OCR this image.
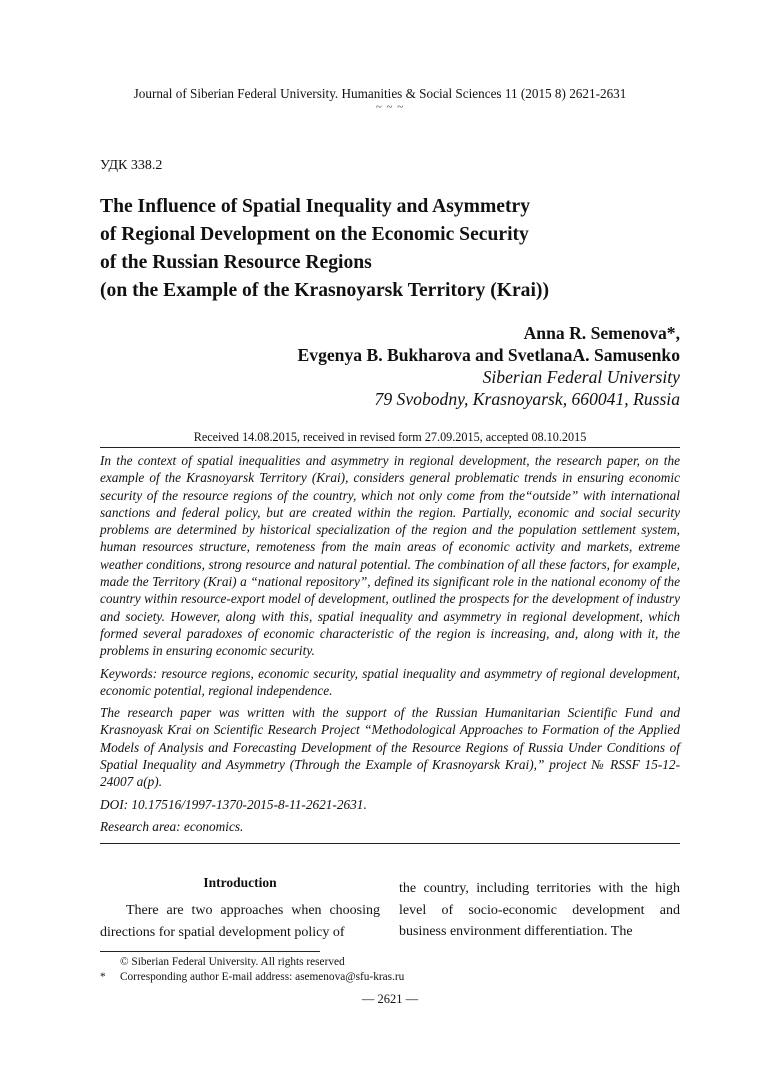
Journal of Siberian Federal University. Humanities & Social Sciences 11 (2015 8) 2621-2631
~ ~ ~
УДК 338.2
The Influence of Spatial Inequality and Asymmetry
of Regional Development on the Economic Security
of the Russian Resource Regions
(on the Example of the Krasnoyarsk Territory (Krai))
Anna R. Semenova*,
Evgenya B. Bukharova and SvetlanaA. Samusenko
Siberian Federal University
79 Svobodny, Krasnoyarsk, 660041, Russia
Received 14.08.2015, received in revised form 27.09.2015, accepted 08.10.2015

In the context of spatial inequalities and asymmetry in regional development, the research paper, on the example of the Krasnoyarsk Territory (Krai), considers general problematic trends in ensuring economic security of the resource regions of the country, which not only come from the“outside” with international sanctions and federal policy, but are created within the region. Partially, economic and social security problems are determined by historical specialization of the region and the population settlement system, human resources structure, remoteness from the main areas of economic activity and markets, extreme weather conditions, strong resource and natural potential. The combination of all these factors, for example, made the Territory (Krai) a “national repository”, defined its significant role in the national economy of the country within resource-export model of development, outlined the prospects for the development of industry and society. However, along with this, spatial inequality and asymmetry in regional development, which formed several paradoxes of economic characteristic of the region is increasing, and, along with it, the problems in ensuring economic security.

Keywords: resource regions, economic security, spatial inequality and asymmetry of regional development, economic potential, regional independence.

The research paper was written with the support of the Russian Humanitarian Scientific Fund and Krasnoyask Krai on Scientific Research Project “Methodological Approaches to Formation of the Applied Models of Analysis and Forecasting Development of the Resource Regions of Russia Under Conditions of Spatial Inequality and Asymmetry (Through the Example of Krasnoyarsk Krai),” project № RSSF 15-12-24007 a(p).

DOI: 10.17516/1997-1370-2015-8-11-2621-2631.

Research area: economics.

Introduction
There are two approaches when choosing directions for spatial development policy of
the country, including territories with the high level of socio-economic development and business environment differentiation. The
© Siberian Federal University. All rights reserved
* Corresponding author E-mail address: asemenova@sfu-kras.ru
— 2621 —
